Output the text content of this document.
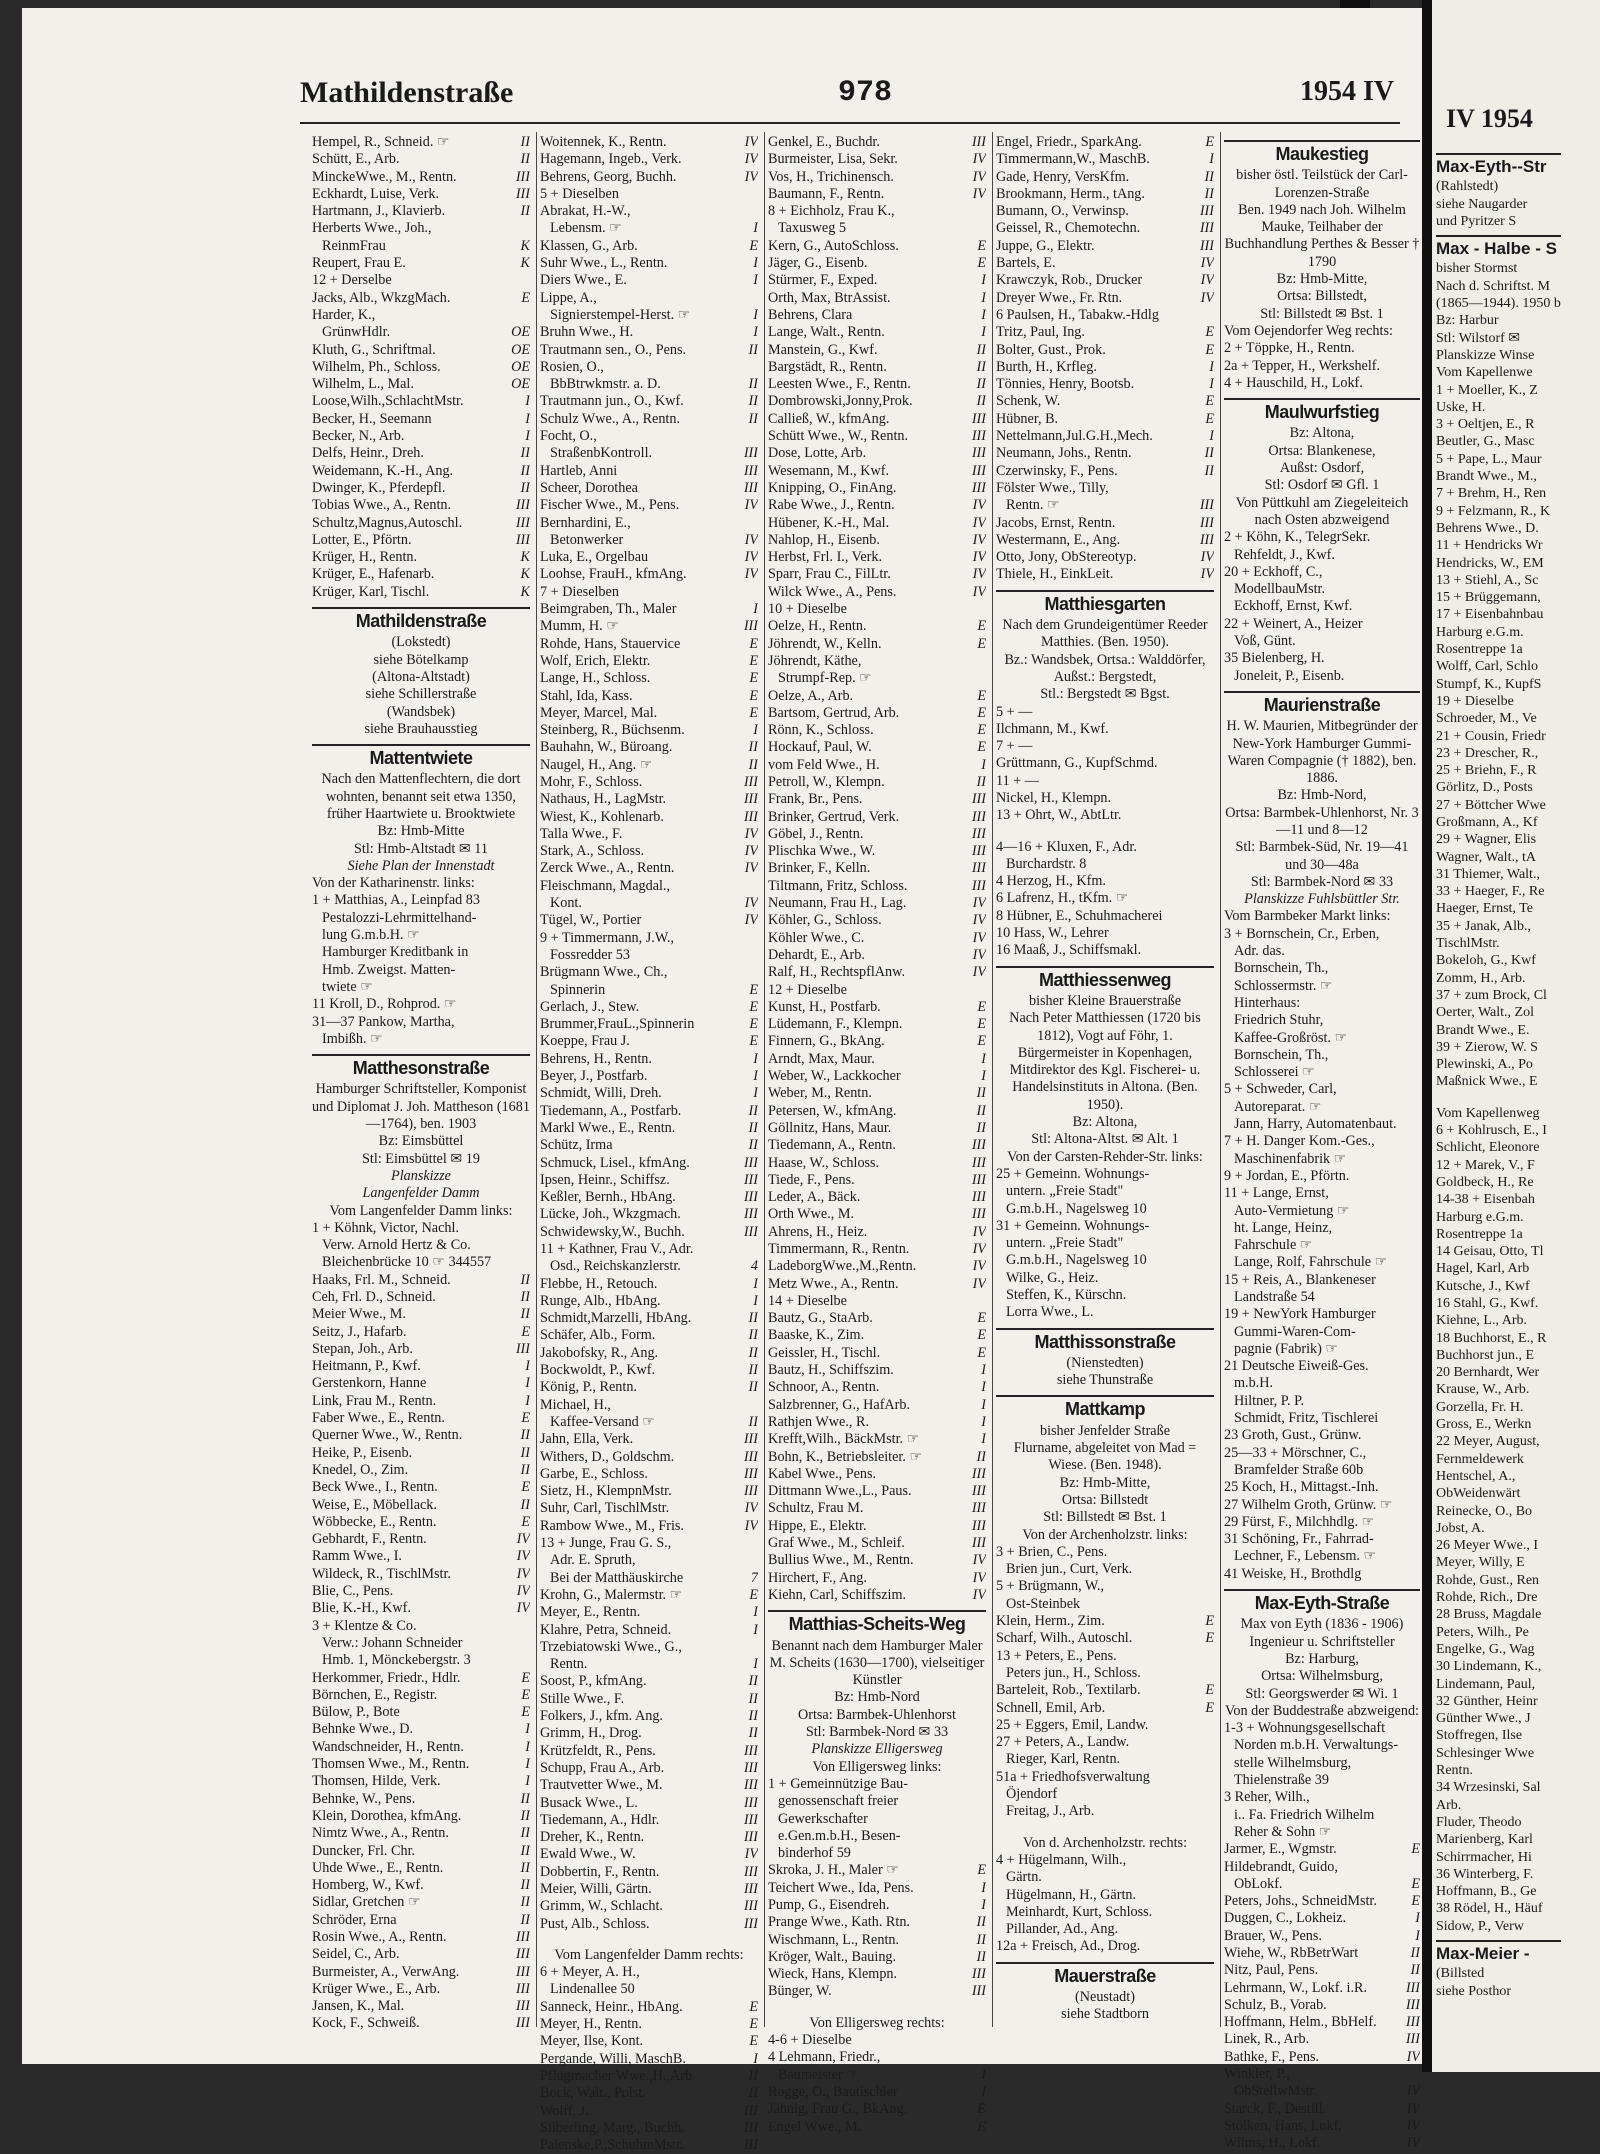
Mathildenstraße	978	1954 IV
Hempel, R., Schneid. ☞	II
Schütt, E., Arb.	II
MinckeWwe., M., Rentn.	III
Eckhardt, Luise, Verk.	III
Hartmann, J., Klavierb.	II
Herberts Wwe., Joh.,
ReinmFrau	K
Reupert, Frau E.	K
12 + Derselbe
Jacks, Alb., WkzgMach.	E
Harder, K.,
GrünwHdlr.	OE
Kluth, G., Schriftmal.	OE
Wilhelm, Ph., Schloss.	OE
Wilhelm, L., Mal.	OE
Loose,Wilh.,SchlachtMstr.	I
Becker, H., Seemann	I
Becker, N., Arb.	I
Delfs, Heinr., Dreh.	II
Weidemann, K.-H., Ang.	II
Dwinger, K., Pferdepfl.	II
Tobias Wwe., A., Rentn.	III
Schultz,Magnus,Autoschl.	III
Lotter, E., Pförtn.	III
Krüger, H., Rentn.	K
Krüger, E., Hafenarb.	K
Krüger, Karl, Tischl.	K
Mathildenstraße
(Lokstedt)
siehe Bötelkamp
(Altona-Altstadt)
siehe Schillerstraße
(Wandsbek)
siehe Brauhausstieg
Mattentwiete
Nach den Mattenflechtern, die dort wohnten, benannt seit etwa 1350, früher Haartwiete u. Brooktwiete
Bz: Hmb-Mitte
Stl: Hmb-Altstadt ✉ 11
Siehe Plan der Innenstadt
Von der Katharinenstr. links:
1 + Matthias, A., Leinpfad 83
Pestalozzi-Lehrmittelhand-
lung G.m.b.H. ☞
Hamburger Kreditbank in
Hmb. Zweigst. Matten-
twiete ☞
11 Kroll, D., Rohprod. ☞
31—37 Pankow, Martha,
Imbißh. ☞
Matthesonstraße
Hamburger Schriftsteller, Komponist und Diplomat J. Joh. Mattheson (1681—1764), ben. 1903
Bz: Eimsbüttel
Stl: Eimsbüttel ✉ 19
Planskizze
Langenfelder Damm
Vom Langenfelder Damm links:
1 + Köhnk, Victor, Nachl.
Verw. Arnold Hertz & Co.
Bleichenbrücke 10 ☞ 344557
Haaks, Frl. M., Schneid.	II
Ceh, Frl. D., Schneid.	II
Meier Wwe., M.	II
Seitz, J., Hafarb.	E
Stepan, Joh., Arb.	III
Heitmann, P., Kwf.	I
Gerstenkorn, Hanne	I
Link, Frau M., Rentn.	I
Faber Wwe., E., Rentn.	E
Querner Wwe., W., Rentn.	II
Heike, P., Eisenb.	II
Knedel, O., Zim.	II
Beck Wwe., I., Rentn.	E
Weise, E., Möbellack.	II
Wöbbecke, E., Rentn.	E
Gebhardt, F., Rentn.	IV
Ramm Wwe., I.	IV
Wildeck, R., TischlMstr.	IV
Blie, C., Pens.	IV
Blie, K.-H., Kwf.	IV
3 + Klentze & Co.
Verw.: Johann Schneider
Hmb. 1, Mönckebergstr. 3
Herkommer, Friedr., Hdlr.	E
Börnchen, E., Registr.	E
Bülow, P., Bote	E
Behnke Wwe., D.	I
Wandschneider, H., Rentn.	I
Thomsen Wwe., M., Rentn.	I
Thomsen, Hilde, Verk.	I
Behnke, W., Pens.	II
Klein, Dorothea, kfmAng.	II
Nimtz Wwe., A., Rentn.	II
Duncker, Frl. Chr.	II
Uhde Wwe., E., Rentn.	II
Homberg, W., Kwf.	II
Sidlar, Gretchen ☞	II
Schröder, Erna	II
Rosin Wwe., A., Rentn.	III
Seidel, C., Arb.	III
Burmeister, A., VerwAng.	III
Krüger Wwe., E., Arb.	III
Jansen, K., Mal.	III
Kock, F., Schweiß.	III
Woitennek, K., Rentn.	IV
Hagemann, Ingeb., Verk.	IV
Behrens, Georg, Buchh.	IV
5 + Dieselben
Abrakat, H.-W.,
Lebensm. ☞	I
Klassen, G., Arb.	E
Suhr Wwe., L., Rentn.	I
Diers Wwe., E.	I
Lippe, A.,
Signierstempel-Herst. ☞	I
Bruhn Wwe., H.	I
Trautmann sen., O., Pens.	II
Rosien, O.,
BbBtrwkmstr. a. D.	II
Trautmann jun., O., Kwf.	II
Schulz Wwe., A., Rentn.	II
Focht, O.,
StraßenbKontroll.	III
Hartleb, Anni	III
Scheer, Dorothea	III
Fischer Wwe., M., Pens.	IV
Bernhardini, E.,
Betonwerker	IV
Luka, E., Orgelbau	IV
Loohse, FrauH., kfmAng.	IV
7 + Dieselben
Beimgraben, Th., Maler	I
Mumm, H. ☞	III
Rohde, Hans, Stauervice	E
Wolf, Erich, Elektr.	E
Lange, H., Schloss.	E
Stahl, Ida, Kass.	E
Meyer, Marcel, Mal.	E
Steinberg, R., Büchsenm.	I
Bauhahn, W., Büroang.	II
Naugel, H., Ang. ☞	II
Mohr, F., Schloss.	III
Nathaus, H., LagMstr.	III
Wiest, K., Kohlenarb.	III
Talla Wwe., F.	IV
Stark, A., Schloss.	IV
Zerck Wwe., A., Rentn.	IV
Fleischmann, Magdal.,
Kont.	IV
Tügel, W., Portier	IV
9 + Timmermann, J.W.,
Fossredder 53
Brügmann Wwe., Ch.,
Spinnerin	E
Gerlach, J., Stew.	E
Brummer,FrauL.,Spinnerin	E
Koeppe, Frau J.	E
Behrens, H., Rentn.	I
Beyer, J., Postfarb.	I
Schmidt, Willi, Dreh.	I
Tiedemann, A., Postfarb.	II
Markl Wwe., E., Rentn.	II
Schütz, Irma	II
Schmuck, Lisel., kfmAng.	III
Ipsen, Heinr., Schiffsz.	III
Keßler, Bernh., HbAng.	III
Lücke, Joh., Wkzgmach.	III
Schwidewsky,W., Buchh.	III
11 + Kathner, Frau V., Adr.
Osd., Reichskanzlerstr.	4
Flebbe, H., Retouch.	I
Runge, Alb., HbAng.	I
Schmidt,Marzelli, HbAng.	II
Schäfer, Alb., Form.	II
Jakobofsky, R., Ang.	II
Bockwoldt, P., Kwf.	II
König, P., Rentn.	II
Michael, H.,
Kaffee-Versand ☞	II
Jahn, Ella, Verk.	III
Withers, D., Goldschm.	III
Garbe, E., Schloss.	III
Sietz, H., KlempnMstr.	III
Suhr, Carl, TischlMstr.	IV
Rambow Wwe., M., Fris.	IV
13 + Junge, Frau G. S.,
Adr. E. Spruth,
Bei der Matthäuskirche	7
Krohn, G., Malermstr. ☞	E
Meyer, E., Rentn.	I
Klahre, Petra, Schneid.	I
Trzebiatowski Wwe., G.,
Rentn.	I
Soost, P., kfmAng.	II
Stille Wwe., F.	II
Folkers, J., kfm. Ang.	II
Grimm, H., Drog.	II
Krützfeldt, R., Pens.	III
Schupp, Frau A., Arb.	III
Trautvetter Wwe., M.	III
Busack Wwe., L.	III
Tiedemann, A., Hdlr.	III
Dreher, K., Rentn.	III
Ewald Wwe., W.	IV
Dobbertin, F., Rentn.	III
Meier, Willi, Gärtn.	III
Grimm, W., Schlacht.	III
Pust, Alb., Schloss.	III
Vom Langenfelder Damm rechts:
6 + Meyer, A. H.,
Lindenallee 50
Sanneck, Heinr., HbAng.	E
Meyer, H., Rentn.	E
Meyer, Ilse, Kont.	E
Pergande, Willi, MaschB.	I
Pflugmacher Wwe.,H.,Arb	II
Bock, Walt., Polst.	II
Wolff, J.	III
Silberling, Marg., Buchh.	III
Palenske,P.,SchuhmMstr.	III
Genkel, E., Buchdr.	III
Burmeister, Lisa, Sekr.	IV
Vos, H., Trichinensch.	IV
Baumann, F., Rentn.	IV
8 + Eichholz, Frau K.,
Taxusweg 5
Kern, G., AutoSchloss.	E
Jäger, G., Eisenb.	E
Stürmer, F., Exped.	I
Orth, Max, BtrAssist.	I
Behrens, Clara	I
Lange, Walt., Rentn.	I
Manstein, G., Kwf.	II
Bargstädt, R., Rentn.	II
Leesten Wwe., F., Rentn.	II
Dombrowski,Jonny,Prok.	II
Calließ, W., kfmAng.	III
Schütt Wwe., W., Rentn.	III
Dose, Lotte, Arb.	III
Wesemann, M., Kwf.	III
Knipping, O., FinAng.	III
Rabe Wwe., J., Rentn.	IV
Hübener, K.-H., Mal.	IV
Nahlop, H., Eisenb.	IV
Herbst, Frl. I., Verk.	IV
Sparr, Frau C., FilLtr.	IV
Wilck Wwe., A., Pens.	IV
10 + Dieselbe
Oelze, H., Rentn.	E
Jöhrendt, W., Kelln.	E
Jöhrendt, Käthe,
Strumpf-Rep. ☞
Oelze, A., Arb.	E
Bartsom, Gertrud, Arb.	E
Rönn, K., Schloss.	E
Hockauf, Paul, W.	E
vom Feld Wwe., H.	I
Petroll, W., Klempn.	II
Frank, Br., Pens.	III
Brinker, Gertrud, Verk.	III
Göbel, J., Rentn.	III
Plischka Wwe., W.	III
Brinker, F., Kelln.	III
Tiltmann, Fritz, Schloss.	III
Neumann, Frau H., Lag.	IV
Köhler, G., Schloss.	IV
Köhler Wwe., C.	IV
Dehardt, E., Arb.	IV
Ralf, H., RechtspflAnw.	IV
12 + Dieselbe
Kunst, H., Postfarb.	E
Lüdemann, F., Klempn.	E
Finnern, G., BkAng.	E
Arndt, Max, Maur.	I
Weber, W., Lackkocher	I
Weber, M., Rentn.	II
Petersen, W., kfmAng.	II
Göllnitz, Hans, Maur.	II
Tiedemann, A., Rentn.	III
Haase, W., Schloss.	III
Tiede, F., Pens.	III
Leder, A., Bäck.	III
Orth Wwe., M.	III
Ahrens, H., Heiz.	IV
Timmermann, R., Rentn.	IV
LadeborgWwe.,M.,Rentn.	IV
Metz Wwe., A., Rentn.	IV
14 + Dieselbe
Bautz, G., StaArb.	E
Baaske, K., Zim.	E
Geissler, H., Tischl.	E
Bautz, H., Schiffszim.	I
Schnoor, A., Rentn.	I
Salzbrenner, G., HafArb.	I
Rathjen Wwe., R.	I
Krefft,Wilh., BäckMstr. ☞	I
Bohn, K., Betriebsleiter. ☞	II
Kabel Wwe., Pens.	III
Dittmann Wwe.,L., Paus.	III
Schultz, Frau M.	III
Hippe, E., Elektr.	III
Graf Wwe., M., Schleif.	III
Bullius Wwe., M., Rentn.	IV
Hirchert, F., Ang.	IV
Kiehn, Carl, Schiffszim.	IV
Matthias-Scheits-Weg
Benannt nach dem Hamburger Maler M. Scheits (1630—1700), vielseitiger Künstler
Bz: Hmb-Nord
Ortsa: Barmbek-Uhlenhorst
Stl: Barmbek-Nord ✉ 33
Planskizze Elligersweg
Von Elligersweg links:
1 + Gemeinnützige Bau-
genossenschaft freier
Gewerkschafter
e.Gen.m.b.H., Besen-
binderhof 59
Skroka, J. H., Maler ☞	E
Teichert Wwe., Ida, Pens.	I
Pump, G., Eisendreh.	I
Prange Wwe., Kath. Rtn.	II
Wischmann, L., Rentn.	II
Kröger, Walt., Bauing.	II
Wieck, Hans, Klempn.	III
Bünger, W.	III
Von Elligersweg rechts:
4-6 + Dieselbe
4 Lehmann, Friedr.,
Baumeister ☞	I
Rogge, O., Bautischler	I
Jähnig, Frau G., BkAng.	E
Engel Wwe., M.	E
Engel, Friedr., SparkAng.	E
Timmermann,W., MaschB.	I
Gade, Henry, VersKfm.	II
Brookmann, Herm., tAng.	II
Bumann, O., Verwinsp.	III
Geissel, R., Chemotechn.	III
Juppe, G., Elektr.	III
Bartels, E.	IV
Krawczyk, Rob., Drucker	IV
Dreyer Wwe., Fr. Rtn.	IV
6 Paulsen, H., Tabakw.-Hdlg
Tritz, Paul, Ing.	E
Bolter, Gust., Prok.	E
Burth, H., Krfleg.	I
Tönnies, Henry, Bootsb.	I
Schenk, W.	E
Hübner, B.	E
Nettelmann,Jul.G.H.,Mech.	I
Neumann, Johs., Rentn.	II
Czerwinsky, F., Pens.	II
Fölster Wwe., Tilly,
Rentn. ☞	III
Jacobs, Ernst, Rentn.	III
Westermann, E., Ang.	III
Otto, Jony, ObStereotyp.	IV
Thiele, H., EinkLeit.	IV
Matthiesgarten
Nach dem Grundeigentümer Reeder Matthies. (Ben. 1950).
Bz.: Wandsbek, Ortsa.: Walddörfer, Außst.: Bergstedt,
Stl.: Bergstedt ✉ Bgst.
5 + —
Ilchmann, M., Kwf.
7 + —
Grüttmann, G., KupfSchmd.
11 + —
Nickel, H., Klempn.
13 + Ohrt, W., AbtLtr.
4—16 + Kluxen, F., Adr.
Burchardstr. 8
4 Herzog, H., Kfm.
6 Lafrenz, H., tKfm. ☞
8 Hübner, E., Schuhmacherei
10 Hass, W., Lehrer
16 Maaß, J., Schiffsmakl.
Matthiessenweg
bisher Kleine Brauerstraße
Nach Peter Matthiessen (1720 bis 1812), Vogt auf Föhr, 1. Bürgermeister in Kopenhagen, Mitdirektor des Kgl. Fischerei- u. Handelsinstituts in Altona. (Ben. 1950).
Bz: Altona,
Stl: Altona-Altst. ✉ Alt. 1
Von der Carsten-Rehder-Str. links:
25 + Gemeinn. Wohnungs-
untern. „Freie Stadt"
G.m.b.H., Nagelsweg 10
31 + Gemeinn. Wohnungs-
untern. „Freie Stadt"
G.m.b.H., Nagelsweg 10
Wilke, G., Heiz.
Steffen, K., Kürschn.
Lorra Wwe., L.
Matthissonstraße
(Nienstedten)
siehe Thunstraße
Mattkamp
bisher Jenfelder Straße
Flurname, abgeleitet von Mad = Wiese. (Ben. 1948).
Bz: Hmb-Mitte,
Ortsa: Billstedt
Stl: Billstedt ✉ Bst. 1
Von der Archenholzstr. links:
3 + Brien, C., Pens.
Brien jun., Curt, Verk.
5 + Brügmann, W.,
Ost-Steinbek
Klein, Herm., Zim.	E
Scharf, Wilh., Autoschl.	E
13 + Peters, E., Pens.
Peters jun., H., Schloss.
Barteleit, Rob., Textilarb.	E
Schnell, Emil, Arb.	E
25 + Eggers, Emil, Landw.
27 + Peters, A., Landw.
Rieger, Karl, Rentn.
51a + Friedhofsverwaltung
Öjendorf
Freitag, J., Arb.
Von d. Archenholzstr. rechts:
4 + Hügelmann, Wilh.,
Gärtn.
Hügelmann, H., Gärtn.
Meinhardt, Kurt, Schloss.
Pillander, Ad., Ang.
12a + Freisch, Ad., Drog.
Mauerstraße
(Neustadt)
siehe Stadtborn
Maukestieg
bisher östl. Teilstück der Carl-Lorenzen-Straße
Ben. 1949 nach Joh. Wilhelm Mauke, Teilhaber der Buchhandlung Perthes & Besser † 1790
Bz: Hmb-Mitte,
Ortsa: Billstedt,
Stl: Billstedt ✉ Bst. 1
Vom Oejendorfer Weg rechts:
2 + Töppke, H., Rentn.
2a + Tepper, H., Werkshelf.
4 + Hauschild, H., Lokf.
Maulwurfstieg
Bz: Altona,
Ortsa: Blankenese,
Außst: Osdorf,
Stl: Osdorf ✉ Gfl. 1
Von Püttkuhl am Ziegeleiteich nach Osten abzweigend
2 + Köhn, K., TelegrSekr.
Rehfeldt, J., Kwf.
20 + Eckhoff, C.,
ModellbauMstr.
Eckhoff, Ernst, Kwf.
22 + Weinert, A., Heizer
Voß, Günt.
35 Bielenberg, H.
Joneleit, P., Eisenb.
Maurienstraße
H. W. Maurien, Mitbegründer der New-York Hamburger Gummi-Waren Compagnie († 1882), ben. 1886.
Bz: Hmb-Nord,
Ortsa: Barmbek-Uhlenhorst, Nr. 3—11 und 8—12
Stl: Barmbek-Süd, Nr. 19—41 und 30—48a
Stl: Barmbek-Nord ✉ 33
Planskizze Fuhlsbüttler Str.
Vom Barmbeker Markt links:
3 + Bornschein, Cr., Erben,
Adr. das.
Bornschein, Th.,
Schlossermstr. ☞
Hinterhaus:
Friedrich Stuhr,
Kaffee-Großröst. ☞
Bornschein, Th.,
Schlosserei ☞
5 + Schweder, Carl,
Autoreparat. ☞
Jann, Harry, Automatenbaut.
7 + H. Danger Kom.-Ges.,
Maschinenfabrik ☞
9 + Jordan, E., Pförtn.
11 + Lange, Ernst,
Auto-Vermietung ☞
ht. Lange, Heinz,
Fahrschule ☞
Lange, Rolf, Fahrschule ☞
15 + Reis, A., Blankeneser
Landstraße 54
19 + NewYork Hamburger
Gummi-Waren-Com-
pagnie (Fabrik) ☞
21 Deutsche Eiweiß-Ges.
m.b.H.
Hiltner, P. P.
Schmidt, Fritz, Tischlerei
23 Groth, Gust., Grünw.
25—33 + Mörschner, C.,
Bramfelder Straße 60b
25 Koch, H., Mittagst.-Inh.
27 Wilhelm Groth, Grünw. ☞
29 Fürst, F., Milchhdlg. ☞
31 Schöning, Fr., Fahrrad-
Lechner, F., Lebensm. ☞
41 Weiske, H., Brothdlg
Max-Eyth-Straße
Max von Eyth (1836 - 1906) Ingenieur u. Schriftsteller
Bz: Harburg,
Ortsa: Wilhelmsburg,
Stl: Georgswerder ✉ Wi. 1
Von der Buddestraße abzweigend:
1-3 + Wohnungsgesellschaft
Norden m.b.H. Verwaltungs-
stelle Wilhelmsburg,
Thielenstraße 39
3 Reher, Wilh.,
i.. Fa. Friedrich Wilhelm
Reher & Sohn ☞
Jarmer, E., Wgmstr.	E
Hildebrandt, Guido,
ObLokf.	E
Peters, Johs., SchneidMstr.	E
Duggen, C., Lokheiz.	I
Brauer, W., Pens.	I
Wiehe, W., RbBetrWart	II
Nitz, Paul, Pens.	II
Lehrmann, W., Lokf. i.R.	III
Schulz, B., Vorab.	III
Hoffmann, Helm., BbHelf.	III
Linek, R., Arb.	III
Bathke, F., Pens.	IV
Winkler, P.,
ObStellwMstr.	IV
Starck, F., Destill.	IV
Stölken, Hans, Lokf.	IV
Wilms, H., Lokf.	IV
IV 1954
Max-Eyth--Str
(Rahlstedt)
siehe Naugarder
und Pyritzer S
Max - Halbe - S
bisher Stormst
Nach d. Schriftst. M
(1865—1944). 1950 b
Bz: Harbur
Stl: Wilstorf ✉
Planskizze Winse
Vom Kapellenwe
1 + Moeller, K., Z
Uske, H.
3 + Oeltjen, E., R
Beutler, G., Masc
5 + Pape, L., Maur
Brandt Wwe., M.,
7 + Brehm, H., Ren
9 + Felzmann, R., K
Behrens Wwe., D.
11 + Hendricks Wr
Hendricks, W., EM
13 + Stiehl, A., Sc
15 + Brüggemann,
17 + Eisenbahnbau
Harburg e.G.m.
Rosentreppe 1a
Wolff, Carl, Schlo
Stumpf, K., KupfS
19 + Dieselbe
Schroeder, M., Ve
21 + Cousin, Friedr
23 + Drescher, R.,
25 + Briehn, F., R
Görlitz, D., Posts
27 + Böttcher Wwe
Großmann, A., Kf
29 + Wagner, Elis
Wagner, Walt., tA
31 Thiemer, Walt.,
33 + Haeger, F., Re
Haeger, Ernst, Te
35 + Janak, Alb.,
TischlMstr.
Bokeloh, G., Kwf
Zomm, H., Arb.
37 + zum Brock, Cl
Oerter, Walt., Zol
Brandt Wwe., E.
39 + Zierow, W. S
Plewinski, A., Po
Maßnick Wwe., E
Vom Kapellenweg
6 + Kohlrusch, E., I
Schlicht, Eleonore
12 + Marek, V., F
Goldbeck, H., Re
14-38 + Eisenbah
Harburg e.G.m.
Rosentreppe 1a
14 Geisau, Otto, Tl
Hagel, Karl, Arb
Kutsche, J., Kwf
16 Stahl, G., Kwf.
Kiehne, L., Arb.
18 Buchhorst, E., R
Buchhorst jun., E
20 Bernhardt, Wer
Krause, W., Arb.
Gorzella, Fr. H.
Gross, E., Werkn
22 Meyer, August,
Fernmeldewerk
Hentschel, A.,
ObWeidenwärt
Reinecke, O., Bo
Jobst, A.
26 Meyer Wwe., I
Meyer, Willy, E
Rohde, Gust., Ren
Rohde, Rich., Dre
28 Bruss, Magdale
Peters, Wilh., Pe
Engelke, G., Wag
30 Lindemann, K.,
Lindemann, Paul,
32 Günther, Heinr
Günther Wwe., J
Stoffregen, Ilse
Schlesinger Wwe
Rentn.
34 Wrzesinski, Sal
Arb.
Fluder, Theodo
Marienberg, Karl
Schirrmacher, Hi
36 Winterberg, F.
Hoffmann, B., Ge
38 Rödel, H., Häuf
Sidow, P., Verw
Max-Meier -
(Billsted
siehe Posthor
